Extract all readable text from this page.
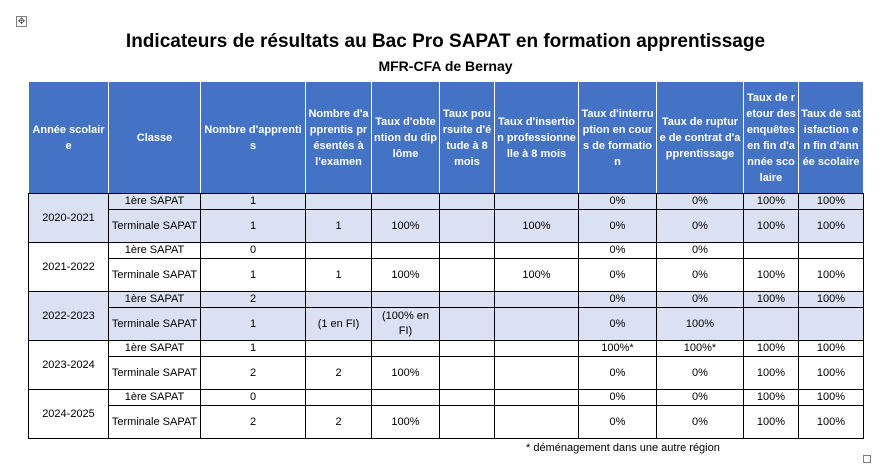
✥
Indicateurs de résultats au Bac Pro SAPAT en formation apprentissage
MFR-CFA de Bernay
Année scolaire	Classe	Nombre d'apprentis	Nombre d'apprentis présentés à l'examen	Taux d'obtention du diplôme	Taux poursuite d'étude à 8 mois	Taux d'insertion professionnelle à 8 mois	Taux d'interruption en cours de formation	Taux de rupture de contrat d'apprentissage	Taux de retour des enquêtes en fin d'année scolaire	Taux de satisfaction en fin d'année scolaire
2020-2021	1ère SAPAT	1					0%	0%	100%	100%
	Terminale SAPAT	1	1	100%		100%	0%	0%	100%	100%
2021-2022	1ère SAPAT	0					0%	0%		
	Terminale SAPAT	1	1	100%		100%	0%	0%	100%	100%
2022-2023	1ère SAPAT	2					0%	0%	100%	100%
	Terminale SAPAT	1	(1 en FI)	(100% en FI)			0%	100%		
2023-2024	1ère SAPAT	1					100%*	100%*	100%	100%
	Terminale SAPAT	2	2	100%			0%	0%	100%	100%
2024-2025	1ère SAPAT	0					0%	0%	100%	100%
	Terminale SAPAT	2	2	100%			0%	0%	100%	100%
* déménagement dans une autre région
